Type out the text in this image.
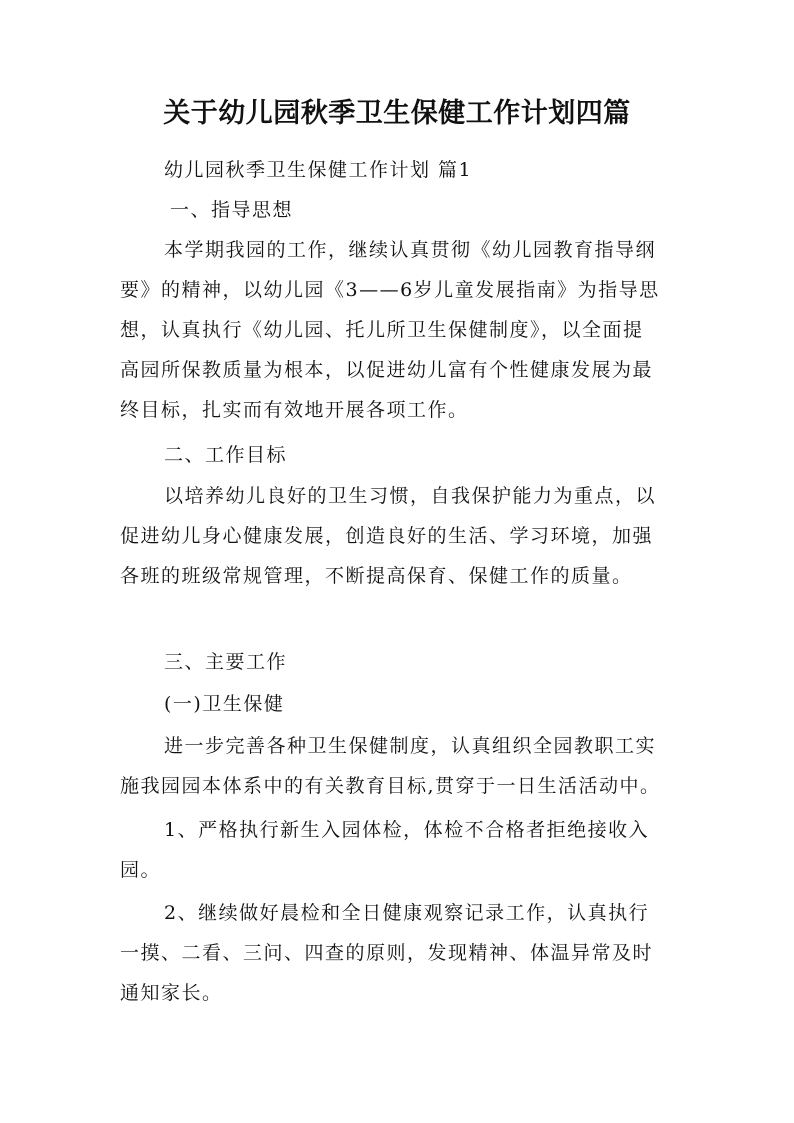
关于幼儿园秋季卫生保健工作计划四篇
幼儿园秋季卫生保健工作计划 篇1
一、指导思想
本学期我园的工作，继续认真贯彻《幼儿园教育指导纲
要》的精神，以幼儿园《3——6岁儿童发展指南》为指导思
想，认真执行《幼儿园、托儿所卫生保健制度》，以全面提
高园所保教质量为根本，以促进幼儿富有个性健康发展为最
终目标，扎实而有效地开展各项工作。
二、工作目标
以培养幼儿良好的卫生习惯，自我保护能力为重点，以
促进幼儿身心健康发展，创造良好的生活、学习环境，加强
各班的班级常规管理，不断提高保育、保健工作的质量。
三、主要工作
(一)卫生保健
进一步完善各种卫生保健制度，认真组织全园教职工实
施我园园本体系中的有关教育目标,贯穿于一日生活活动中。
1、严格执行新生入园体检，体检不合格者拒绝接收入
园。
2、继续做好晨检和全日健康观察记录工作，认真执行
一摸、二看、三问、四查的原则，发现精神、体温异常及时
通知家长。
